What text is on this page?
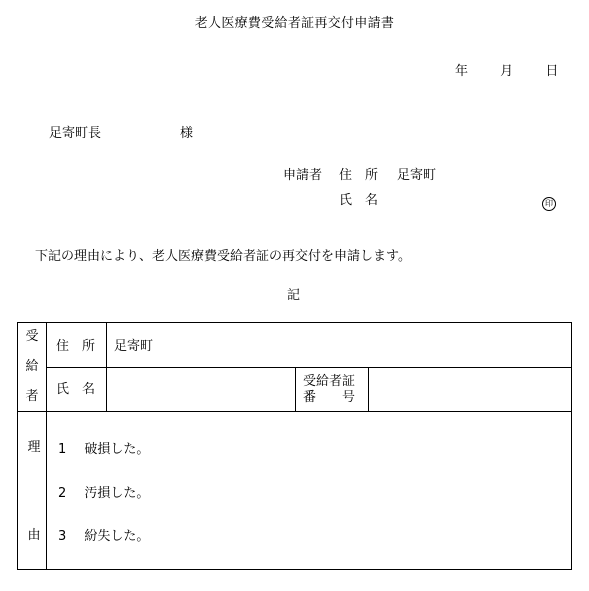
老人医療費受給者証再交付申請書
年 月 日
足寄町長	様
申請者 住　所 足寄町
氏　名	印
下記の理由により、老人医療費受給者証の再交付を申請します。
記
受
給
者
住　所 足寄町
氏　名
受給者証
番　　号
理
由
1 破損した。
2 汚損した。
3 紛失した。
